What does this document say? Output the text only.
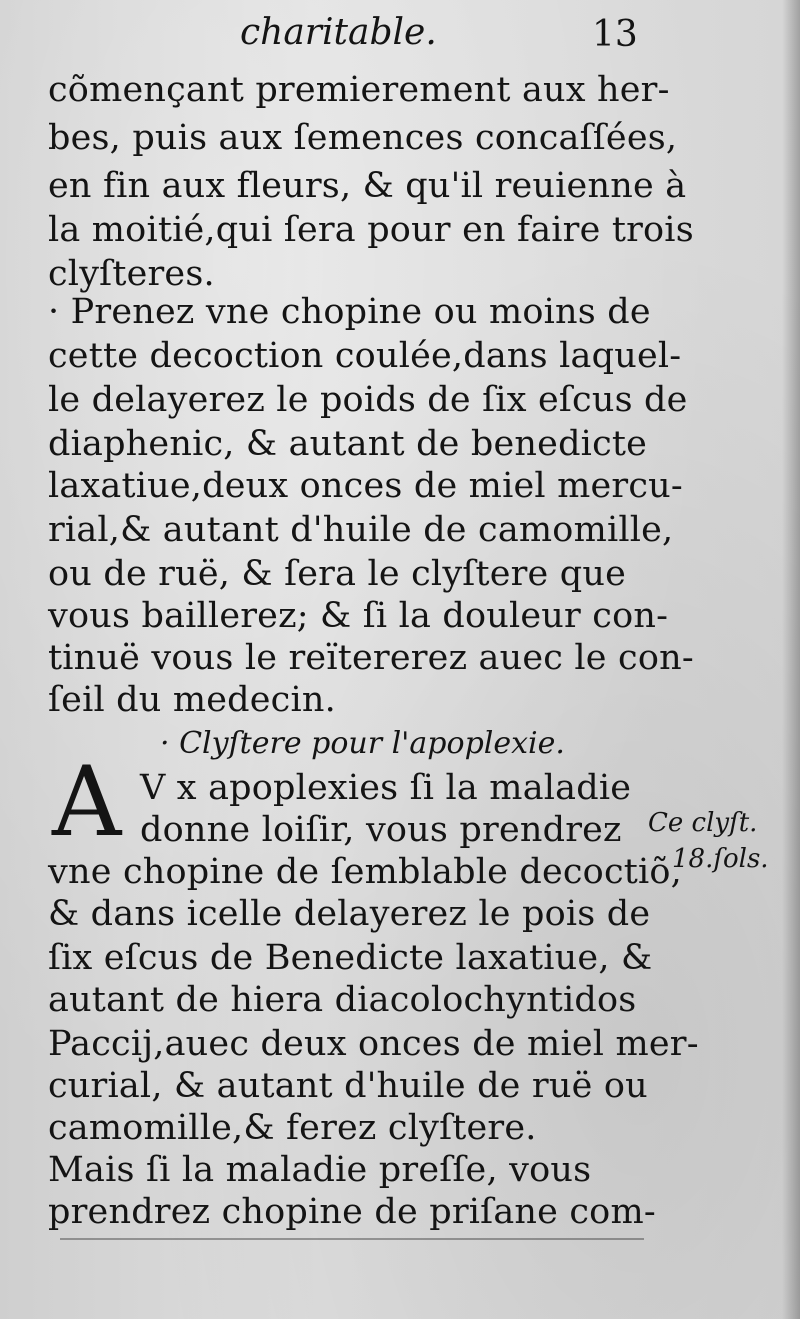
charitable.	13
cõmençant premierement aux her-
bes, puis aux ſemences concaſſées,
en fin aux fleurs, & qu'il reuienne à
la moitié,qui ſera pour en faire trois
clyſteres.
· Prenez vne chopine ou moins de
cette decoction coulée,dans laquel-
le delayerez le poids de ſix eſcus de
diaphenic, & autant de benedicte
laxatiue,deux onces de miel mercu-
rial,& autant d'huile de camomille,
ou de ruë, & ſera le clyſtere que
vous baillerez; & ſi la douleur con-
tinuë vous le reïtererez auec le con-
ſeil du medecin.
· Clyſtere pour l'apoplexie.
A V x apoplexies ſi la maladie
donne loiſir, vous prendrez
vne chopine de ſemblable decoctiõ,
& dans icelle delayerez le pois de
ſix eſcus de Benedicte laxatiue, &
autant de hiera diacolochyntidos
Paccij,auec deux onces de miel mer-
curial, & autant d'huile de ruë ou
camomille,& ferez clyſtere.
Mais ſi la maladie preſſe, vous
prendrez chopine de priſane com-
Ce clyſt.
18.ſols.
